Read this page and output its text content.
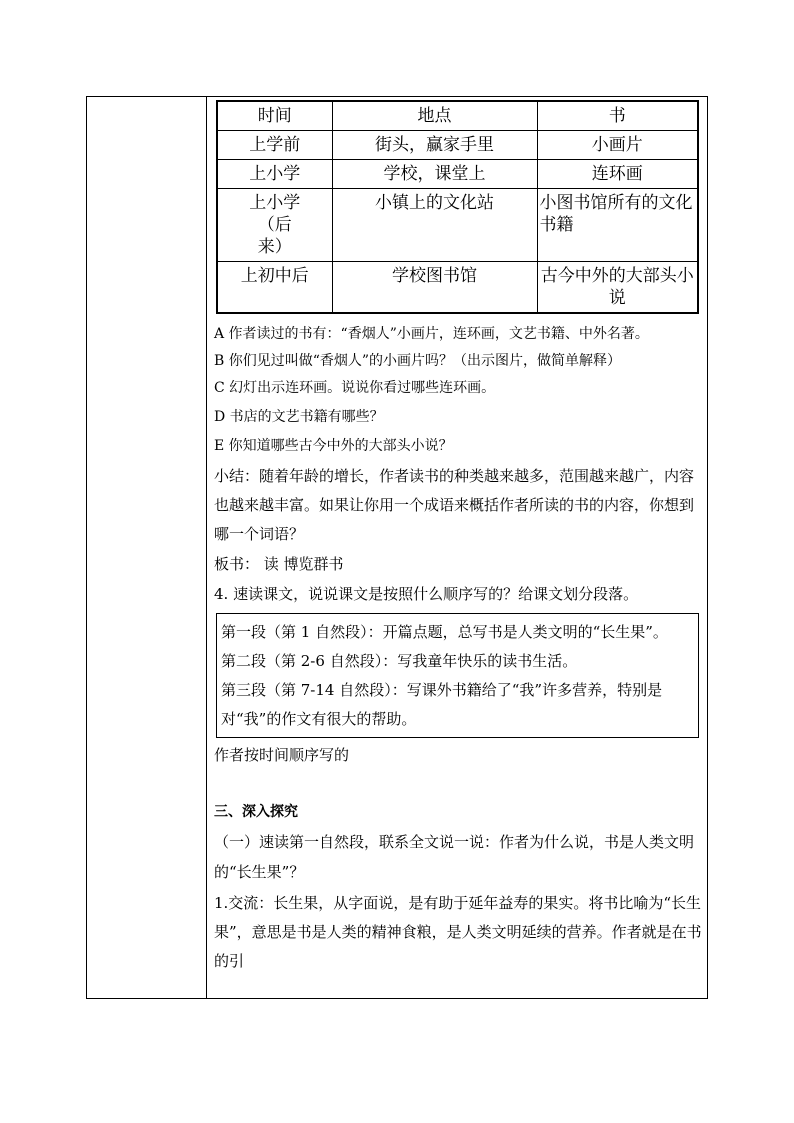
时间	地点	书
上学前	街头，赢家手里	小画片
上小学	学校，课堂上	连环画
上小学（后来）	小镇上的文化站	小图书馆所有的文化书籍
上初中后	学校图书馆	古今中外的大部头小说
A 作者读过的书有：“香烟人”小画片，连环画，文艺书籍、中外名著。
B 你们见过叫做“香烟人”的小画片吗？（出示图片，做简单解释）
C 幻灯出示连环画。说说你看过哪些连环画。
D 书店的文艺书籍有哪些？
E 你知道哪些古今中外的大部头小说？
小结：随着年龄的增长，作者读书的种类越来越多，范围越来越广，内容也越来越丰富。如果让你用一个成语来概括作者所读的书的内容，你想到哪一个词语？
板书： 读 博览群书
4. 速读课文，说说课文是按照什么顺序写的？给课文划分段落。
第一段（第 1 自然段）：开篇点题，总写书是人类文明的“长生果”。
第二段（第 2-6 自然段）：写我童年快乐的读书生活。
第三段（第 7-14 自然段）：写课外书籍给了“我”许多营养，特别是对“我”的作文有很大的帮助。
作者按时间顺序写的
三、深入探究
（一）速读第一自然段，联系全文说一说：作者为什么说，书是人类文明的“长生果”？
1.交流：长生果，从字面说，是有助于延年益寿的果实。将书比喻为“长生果”，意思是书是人类的精神食粮，是人类文明延续的营养。作者就是在书的引
